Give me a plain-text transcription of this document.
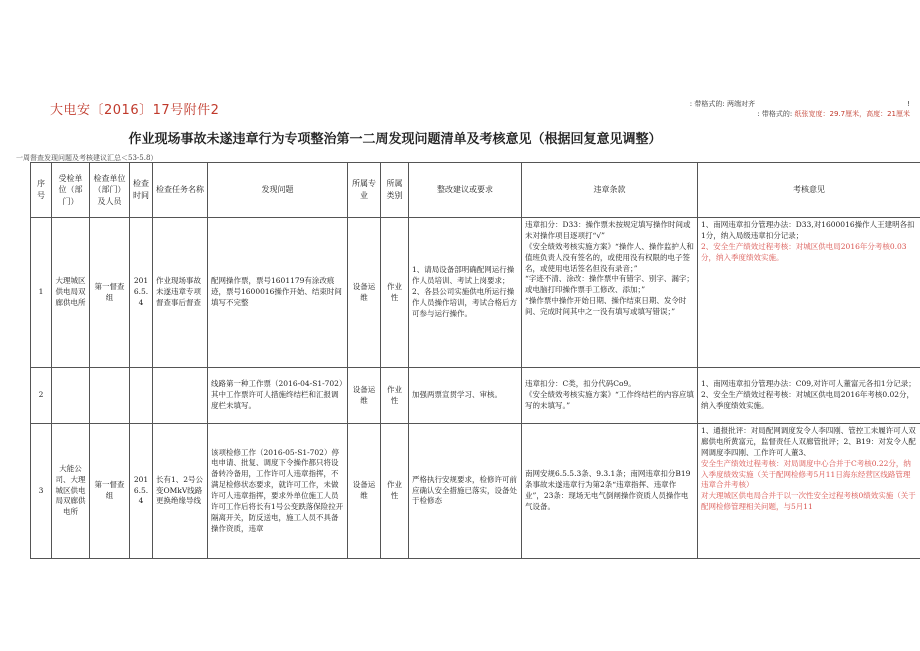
大电安〔2016〕17号附件2	: 带格式的: 两端对齐	!
: 带格式的: 纸张宽度：29.7厘米，高度：21厘米
作业现场事故未遂违章行为专项整治第一二周发现问题清单及考核意见（根据回复意见调整）
一周督查发现问题及考核建议汇总＜53-5.8）
序号	受检单位（部门）	检查单位（部门）及人员	检查时间	检查任务名称	发现问题	所属专业	所属类别	整改建议或要求	违章条款	考核意见
1	大理城区供电局双廊供电所	第一督查组	2016.5.4	作业现场事故未遂违章专项督查事后督查	配网操作票，票号1601179有涂改痕迹，票号1600016操作开始、结束时间填写不完整	设备运维	作业性	1、请局设备部明确配网运行操作人员培训、考试上岗要求；2、各县公司实施供电所运行操作人员操作培训，考试合格后方可参与运行操作。	违章扣分：D33：操作票未按规定填写操作时间或未对操作项目逐项打“√”
《安全绩效考核实施方案》“操作人、操作监护人和值班负责人没有签名的，或使用没有权限的电子签名，或使用电话签名但没有录音；”
“字迹不清、涂改：操作票中有错字、别字、漏字；或电脑打印操作票手工修改、添加；”
“操作票中操作开始日期、操作结束日期、发令时间、完成时间其中之一没有填写或填写错误；”	1、南网违章扣分管理办法：D33,对1600016操作人王建明各扣1分，纳入局级违章扣分记录；
2、安全生产绩效过程考核：对城区供电局2016年分考核0.03分，纳入季度绩效实施。

2					线路第一种工作票（2016-04-S1-702）其中工作票许可人措施终结栏和汇报调度栏未填写。	设备运维	作业性	加强两票宣贯学习、审核。	违章扣分：C类，扣分代码Co9。
《安全绩效考核实施方案》“工作终结栏的内容应填写的未填写。”	1、南网违章扣分管理办法：C09,对许可人董富元各扣1分记录；2、安全生产绩效过程考核：对城区供电局2016年考核0.02分，纳入季度绩效实施。
3	大能公司、大理城区供电局双廊供电所	第一督查组	2016.5.4	长有1、2号公变OMkV线路更换绝缘导线	该项检修工作（2016-05-S1-702）停电申请、批复、调度下令操作都只将设备转冷备用，工作许可人违章指挥，不满足检修状态要求，就许可工作，未做许可人违章指挥，要求外单位施工人员许可工作后将长有1号公变跌落保险拉开隔离开关，防反送电，施工人员不具备操作资质，违章	设备运维	作业性	严格执行安规要求，检修许可前应确认安全措施已落实，设备处于检修态	南网安规6.5.5.3条、9.3.1条；南网违章扣分B19条事故未遂违章行为第2条“违章指挥、违章作业”，23条：现场无电气倒闸操作资质人员操作电气设备。	1、通报批评：对局配网调度发令人李四刚、管控工未履许可人双廊供电所黄富元，监督责任人双廊管批评；2、B19：对发令人配网调度李四刚、工作许可人董3、
安全生产绩效过程考核：对局调度中心合并于C考核0.22分，纳入季度绩效实施（关于配网检修考5月11日海东经营区线路管理违章合并考核）
对大理城区供电局合并于以一次性安全过程考核0绩效实施（关于配网检修管理相关问题，与5月11
